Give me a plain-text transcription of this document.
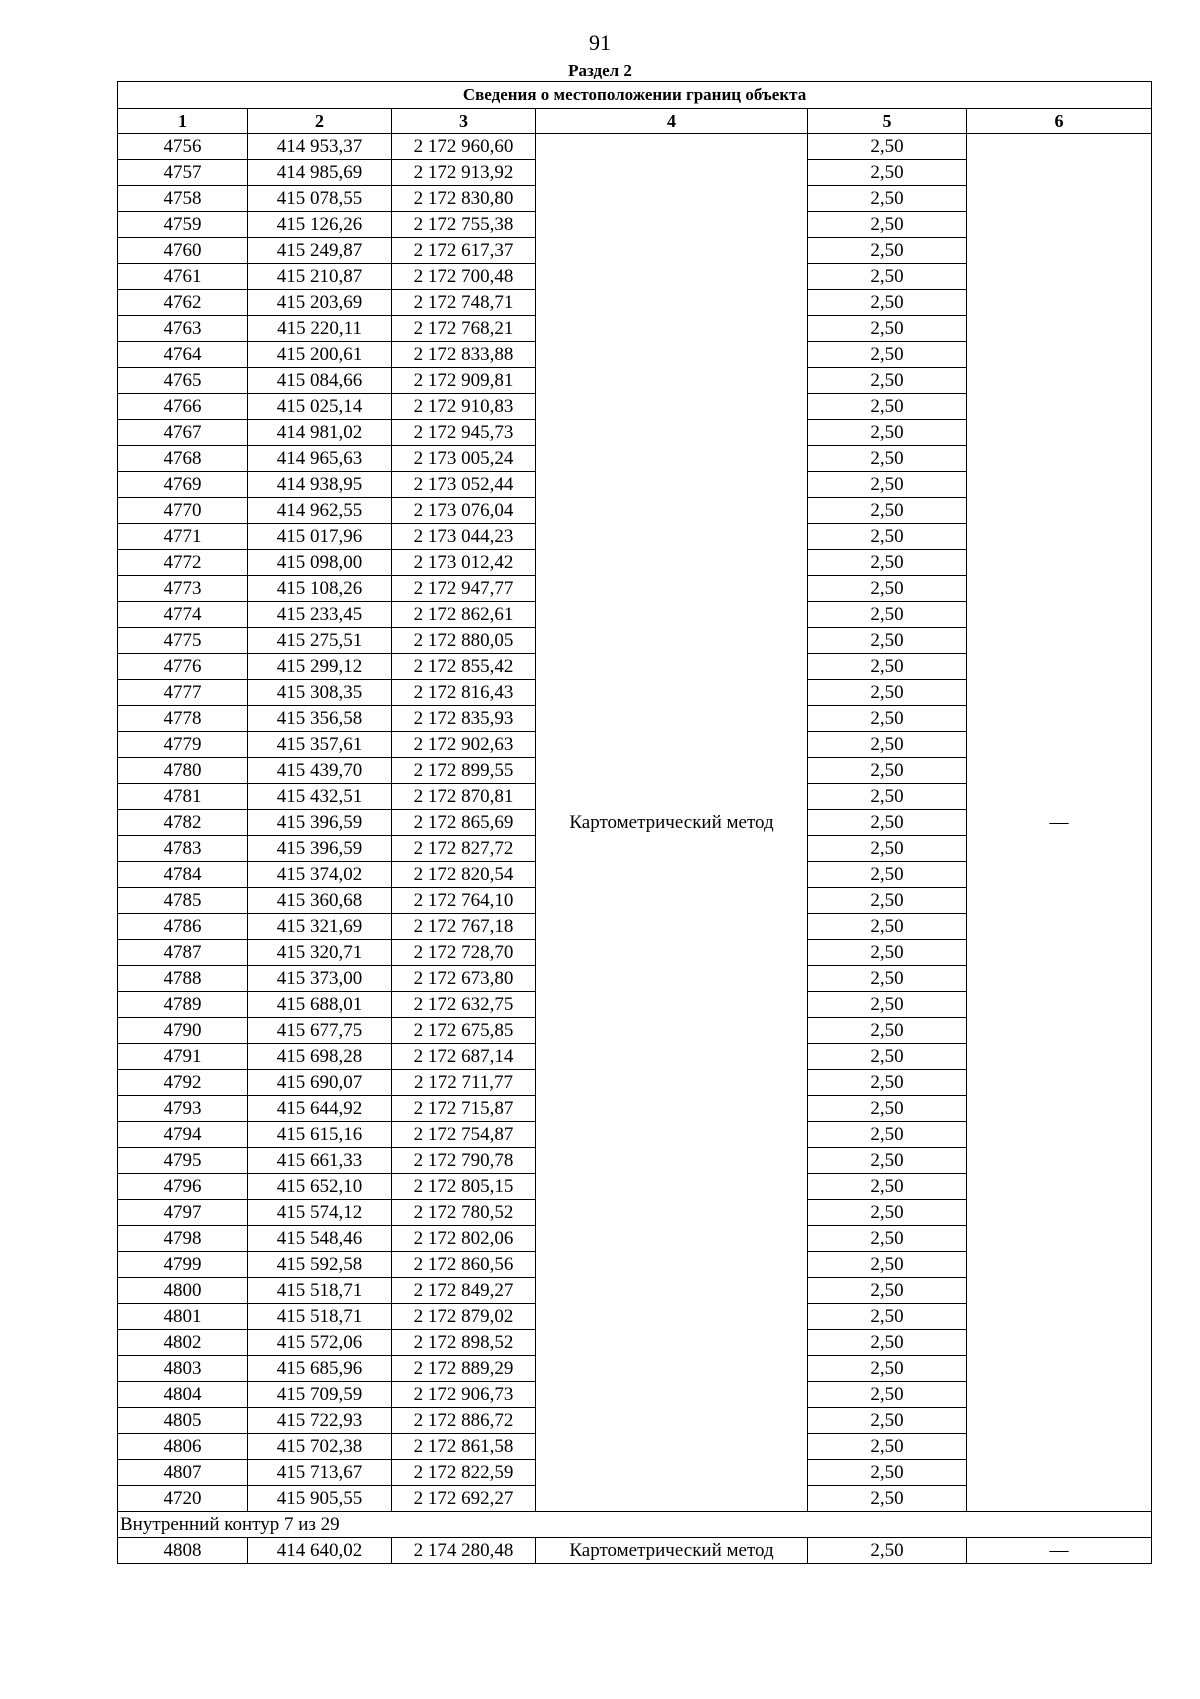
91
Раздел 2
Сведения о местоположении границ объекта					
1	2	3	4	5	6
4756	414 953,37	2 172 960,60	Картометрический метод	2,50	—
4757	414 985,69	2 172 913,92		2,50	
4758	415 078,55	2 172 830,80		2,50	
4759	415 126,26	2 172 755,38		2,50	
4760	415 249,87	2 172 617,37		2,50	
4761	415 210,87	2 172 700,48		2,50	
4762	415 203,69	2 172 748,71		2,50	
4763	415 220,11	2 172 768,21		2,50	
4764	415 200,61	2 172 833,88		2,50	
4765	415 084,66	2 172 909,81		2,50	
4766	415 025,14	2 172 910,83		2,50	
4767	414 981,02	2 172 945,73		2,50	
4768	414 965,63	2 173 005,24		2,50	
4769	414 938,95	2 173 052,44		2,50	
4770	414 962,55	2 173 076,04		2,50	
4771	415 017,96	2 173 044,23		2,50	
4772	415 098,00	2 173 012,42		2,50	
4773	415 108,26	2 172 947,77		2,50	
4774	415 233,45	2 172 862,61		2,50	
4775	415 275,51	2 172 880,05		2,50	
4776	415 299,12	2 172 855,42		2,50	
4777	415 308,35	2 172 816,43		2,50	
4778	415 356,58	2 172 835,93		2,50	
4779	415 357,61	2 172 902,63		2,50	
4780	415 439,70	2 172 899,55		2,50	
4781	415 432,51	2 172 870,81		2,50	
4782	415 396,59	2 172 865,69		2,50	
4783	415 396,59	2 172 827,72		2,50	
4784	415 374,02	2 172 820,54		2,50	
4785	415 360,68	2 172 764,10		2,50	
4786	415 321,69	2 172 767,18		2,50	
4787	415 320,71	2 172 728,70		2,50	
4788	415 373,00	2 172 673,80		2,50	
4789	415 688,01	2 172 632,75		2,50	
4790	415 677,75	2 172 675,85		2,50	
4791	415 698,28	2 172 687,14		2,50	
4792	415 690,07	2 172 711,77		2,50	
4793	415 644,92	2 172 715,87		2,50	
4794	415 615,16	2 172 754,87		2,50	
4795	415 661,33	2 172 790,78		2,50	
4796	415 652,10	2 172 805,15		2,50	
4797	415 574,12	2 172 780,52		2,50	
4798	415 548,46	2 172 802,06		2,50	
4799	415 592,58	2 172 860,56		2,50	
4800	415 518,71	2 172 849,27		2,50	
4801	415 518,71	2 172 879,02		2,50	
4802	415 572,06	2 172 898,52		2,50	
4803	415 685,96	2 172 889,29		2,50	
4804	415 709,59	2 172 906,73		2,50	
4805	415 722,93	2 172 886,72		2,50	
4806	415 702,38	2 172 861,58		2,50	
4807	415 713,67	2 172 822,59		2,50	
4720	415 905,55	2 172 692,27		2,50	
Внутренний контур 7 из 29					
4808	414 640,02	2 174 280,48	Картометрический метод	2,50	—
